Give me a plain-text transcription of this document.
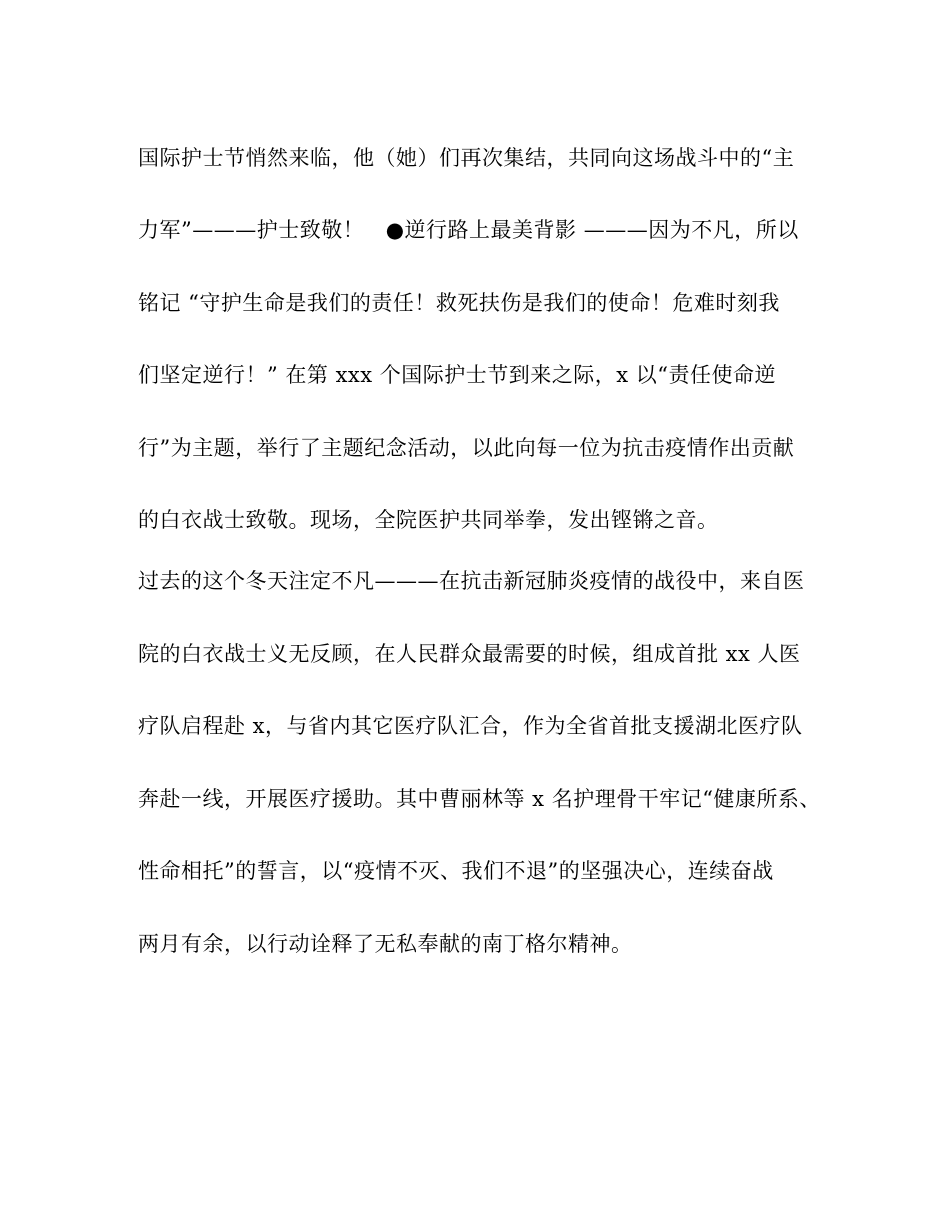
国际护士节悄然来临，他（她）们再次集结，共同向这场战斗中的“主
力军”———护士致敬！　●逆行路上最美背影 ———因为不凡，所以
铭记 “守护生命是我们的责任！救死扶伤是我们的使命！危难时刻我
们坚定逆行！” 在第 xxx 个国际护士节到来之际，x 以“责任使命逆
行”为主题，举行了主题纪念活动，以此向每一位为抗击疫情作出贡献
的白衣战士致敬。现场，全院医护共同举拳，发出铿锵之音。
过去的这个冬天注定不凡———在抗击新冠肺炎疫情的战役中，来自医
院的白衣战士义无反顾，在人民群众最需要的时候，组成首批 xx 人医
疗队启程赴 x，与省内其它医疗队汇合，作为全省首批支援湖北医疗队
奔赴一线，开展医疗援助。其中曹丽林等 x 名护理骨干牢记“健康所系、
性命相托”的誓言，以“疫情不灭、我们不退”的坚强决心，连续奋战
两月有余，以行动诠释了无私奉献的南丁格尔精神。
